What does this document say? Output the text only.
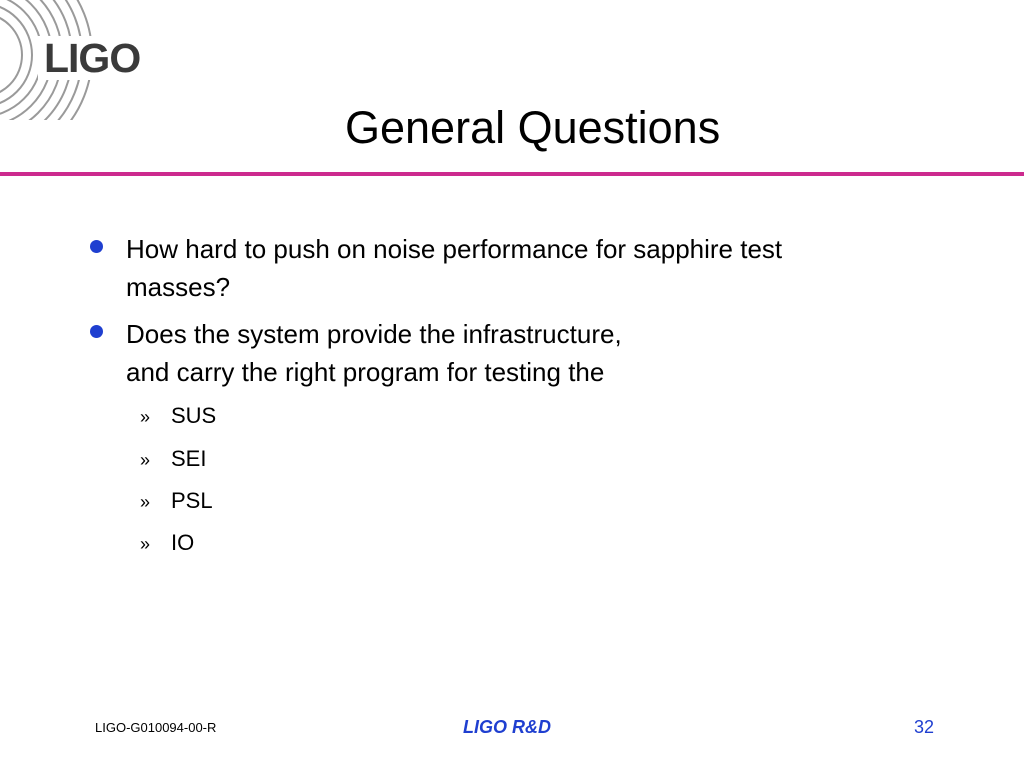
LIGO
General Questions
How hard to push on noise performance for sapphire test
masses?
Does the system provide the infrastructure,
and carry the right program for testing the
» SUS
» SEI
» PSL
» IO
LIGO-G010094-00-R	LIGO R&D	32
